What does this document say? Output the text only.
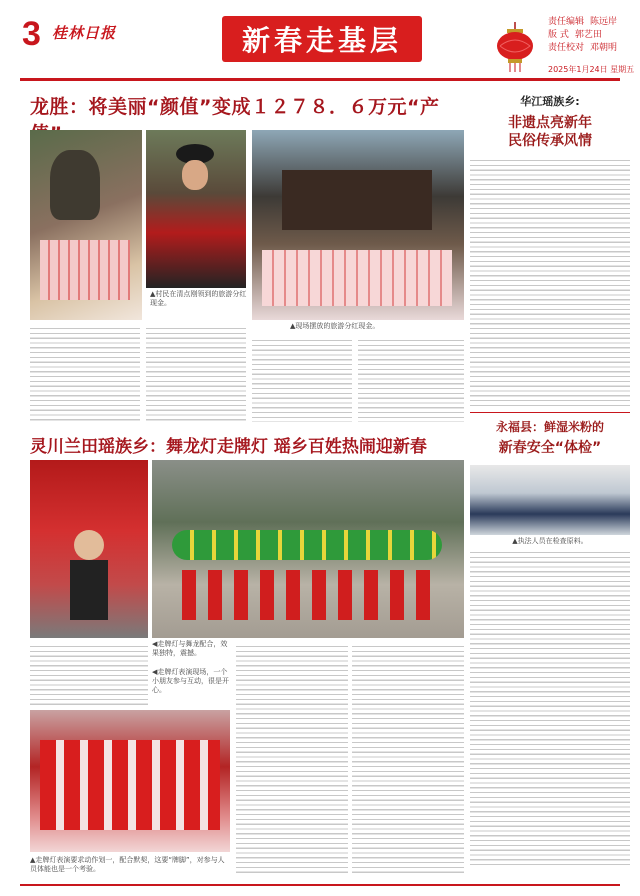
3 桂林日报	新春走基层
责任编辑 陈远岸
版 式 郭艺田
责任校对 邓朝明
2025年1月24日 星期五
龙胜：将美丽“颜值”变成１２７８．６万元“产
▲村民在清点刚领到的旅游分红现金。
▲现场摆放的旅游分红现金。
灵川兰田瑶族乡：舞龙灯走牌灯 瑶乡百姓热闹迎新春
◀走牌灯与舞龙配合，效果独特，震撼。
◀走牌灯表演现场，一个小朋友参与互动，很是开心。
▲走牌灯表演要求动作划一，配合默契，这要“牌脚”，对参与人员体能也是一个考验。
华江瑶族乡:
非遗点亮新年
民俗传承风情
永福县：鲜湿米粉的
新春安全“体检”
▲执法人员在检查原料。
